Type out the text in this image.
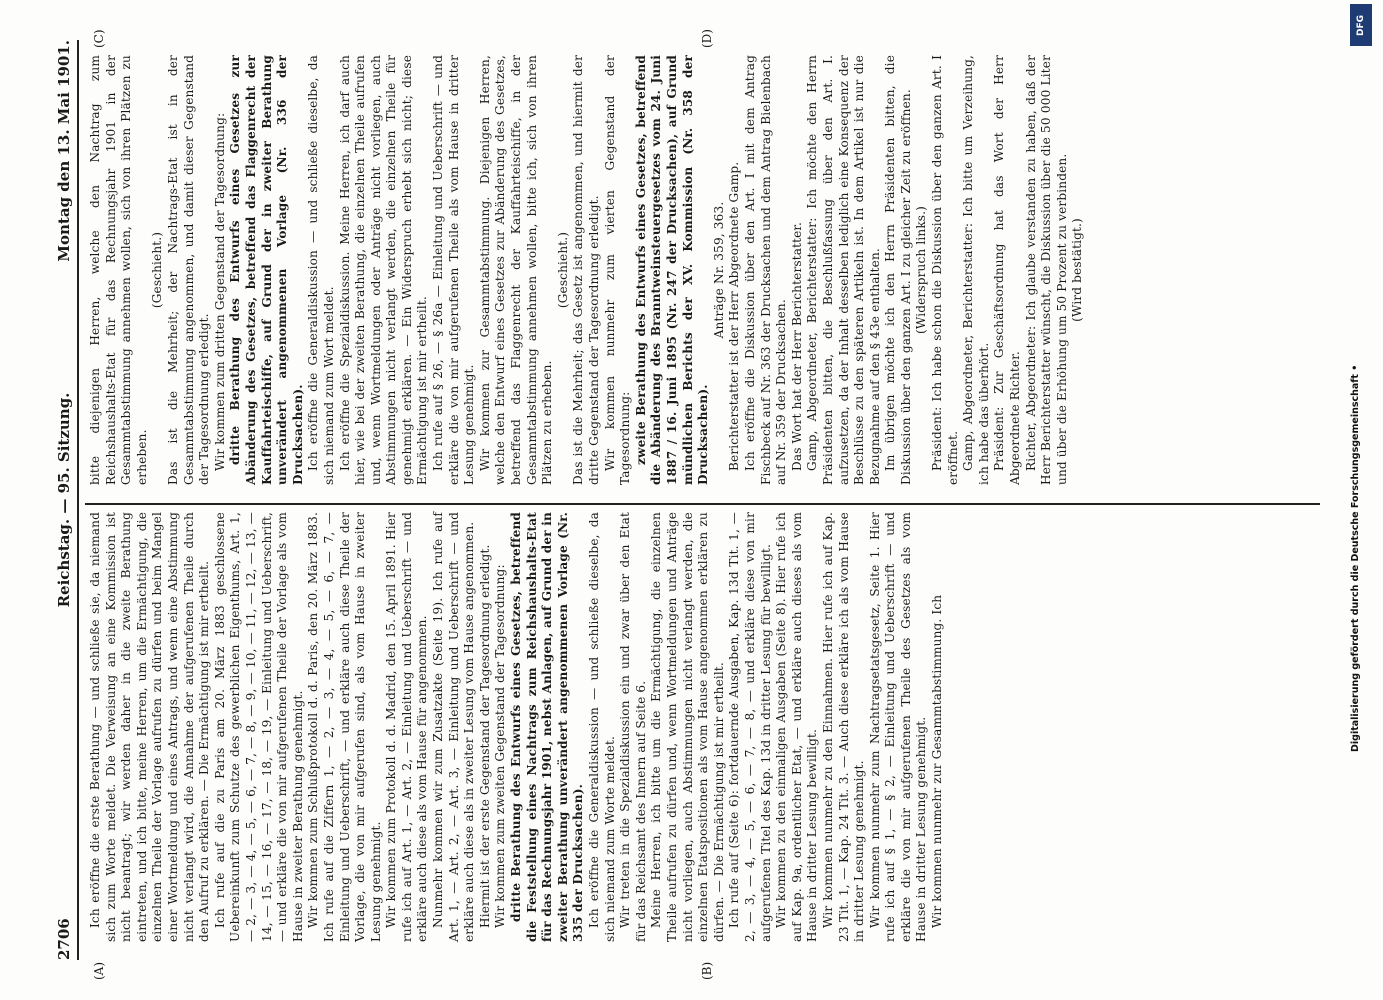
2706
Reichstag. — 95. Sitzung.
Montag den 13. Mai 1901.
(A)	(B)
(C)	(D)

Ich eröffne die erste Berathung — und schließe sie, da niemand sich zum Worte meldet. Die Verweisung an eine Kommission ist nicht beantragt; wir werden daher in die zweite Berathung eintreten, und ich bitte, meine Herren, um die Ermächtigung, die einzelnen Theile der Vorlage aufrufen zu dürfen und beim Mangel einer Wortmeldung und eines Antrags, und wenn eine Abstimmung nicht verlangt wird, die Annahme der aufgerufenen Theile durch den Aufruf zu erklären. — Die Ermächtigung ist mir ertheilt. Ich rufe auf die zu Paris am 20. März 1883 geschlossene Uebereinkunft zum Schutze des gewerblichen Eigenthums, Art. 1, — 2, — 3, — 4, — 5, — 6, — 7, — 8, — 9, — 10, — 11, — 12, — 13, — 14, — 15, — 16, — 17, — 18, — 19, — Einleitung und Ueberschrift, — und erkläre die von mir aufgerufenen Theile der Vorlage als vom Hause in zweiter Berathung genehmigt. Wir kommen zum Schlußprotokoll d. d. Paris, den 20. März 1883. Ich rufe auf die Ziffern 1, — 2, — 3, — 4, — 5, — 6, — 7, — Einleitung und Ueberschrift, — und erkläre auch diese Theile der Vorlage, die von mir aufgerufen sind, als vom Hause in zweiter Lesung genehmigt. Wir kommen zum Protokoll d. d. Madrid, den 15. April 1891. Hier rufe ich auf Art. 1, — Art. 2, — Einleitung und Ueberschrift — und erkläre auch diese als vom Hause für angenommen. Nunmehr kommen wir zum Zusatzakte (Seite 19). Ich rufe auf Art. 1, — Art. 2, — Art. 3, — Einleitung und Ueberschrift — und erkläre auch diese als in zweiter Lesung vom Hause angenommen. Hiermit ist der erste Gegenstand der Tagesordnung erledigt. Wir kommen zum zweiten Gegenstand der Tagesordnung: dritte Berathung des Entwurfs eines Gesetzes, betreffend die Feststellung eines Nachtrags zum Reichshaushalts-Etat für das Rechnungsjahr 1901, nebst Anlagen, auf Grund der in zweiter Berathung unverändert angenommenen Vorlage (Nr. 335 der Drucksachen). Ich eröffne die Generaldiskussion — und schließe dieselbe, da sich niemand zum Worte meldet. Wir treten in die Spezialdiskussion ein und zwar über den Etat für das Reichsamt des Innern auf Seite 6. Meine Herren, ich bitte um die Ermächtigung, die einzelnen Theile aufrufen zu dürfen und, wenn Wortmeldungen und Anträge nicht vorliegen, auch Abstimmungen nicht verlangt werden, die einzelnen Etatspositionen als vom Hause angenommen erklären zu dürfen. — Die Ermächtigung ist mir ertheilt. Ich rufe auf (Seite 6): fortdauernde Ausgaben, Kap. 13d Tit. 1, — 2, — 3, — 4, — 5, — 6, — 7, — 8, — und erkläre diese von mir aufgerufenen Titel des Kap. 13d in dritter Lesung für bewilligt. Wir kommen zu den einmaligen Ausgaben (Seite 8). Hier rufe ich auf Kap. 9a, ordentlicher Etat, — und erkläre auch dieses als vom Hause in dritter Lesung bewilligt. Wir kommen nunmehr zu den Einnahmen. Hier rufe ich auf Kap. 23 Tit. 1, — Kap. 24 Tit. 3. — Auch diese erkläre ich als vom Hause in dritter Lesung genehmigt. Wir kommen nunmehr zum Nachtragsetatsgesetz, Seite 1. Hier rufe ich auf § 1, — § 2, — Einleitung und Ueberschrift — und erkläre die von mir aufgerufenen Theile des Gesetzes als vom Hause in dritter Lesung genehmigt. Wir kommen nunmehr zur Gesammtabstimmung. Ich

bitte diejenigen Herren, welche den Nachtrag zum Reichshaushalts-Etat für das Rechnungsjahr 1901 in der Gesammtabstimmung annehmen wollen, sich von ihren Plätzen zu erheben.

(Geschieht.) Das ist die Mehrheit; der Nachtrags-Etat ist in der Gesammtabstimmung angenommen, und damit dieser Gegenstand der Tagesordnung erledigt. Wir kommen zum dritten Gegenstand der Tagesordnung: dritte Berathung des Entwurfs eines Gesetzes zur Abänderung des Gesetzes, betreffend das Flaggenrecht der Kauffahrteischiffe, auf Grund der in zweiter Berathung unverändert angenommenen Vorlage (Nr. 336 der Drucksachen). Ich eröffne die Generaldiskussion — und schließe dieselbe, da sich niemand zum Wort meldet. Ich eröffne die Spezialdiskussion. Meine Herren, ich darf auch hier, wie bei der zweiten Berathung, die einzelnen Theile aufrufen und, wenn Wortmeldungen oder Anträge nicht vorliegen, auch Abstimmungen nicht verlangt werden, die einzelnen Theile für genehmigt erklären. — Ein Widerspruch erhebt sich nicht; diese Ermächtigung ist mir ertheilt. Ich rufe auf § 26, — § 26a — Einleitung und Ueberschrift — und erkläre die von mir aufgerufenen Theile als vom Hause in dritter Lesung genehmigt. Wir kommen zur Gesammtabstimmung. Diejenigen Herren, welche den Entwurf eines Gesetzes zur Abänderung des Gesetzes, betreffend das Flaggenrecht der Kauffahrteischiffe, in der Gesammtabstimmung annehmen wollen, bitte ich, sich von ihren Plätzen zu erheben.

(Geschieht.) Das ist die Mehrheit; das Gesetz ist angenommen, und hiermit der dritte Gegenstand der Tagesordnung erledigt. Wir kommen nunmehr zum vierten Gegenstand der Tagesordnung: zweite Berathung des Entwurfs eines Gesetzes, betreffend die Abänderung des Branntweinsteuergesetzes vom 24. Juni 1887 / 16. Juni 1895 (Nr. 247 der Drucksachen), auf Grund mündlichen Berichts der XV. Kommission (Nr. 358 der Drucksachen).

Anträge Nr. 359, 363. Berichterstatter ist der Herr Abgeordnete Gamp. Ich eröffne die Diskussion über den Art. I mit dem Antrag Fischbeck auf Nr. 363 der Drucksachen und dem Antrag Bielenbach auf Nr. 359 der Drucksachen. Das Wort hat der Herr Berichterstatter. Gamp, Abgeordneter, Berichterstatter: Ich möchte den Herrn Präsidenten bitten, die Beschlußfassung über den Art. I. aufzusetzen, da der Inhalt desselben lediglich eine Konsequenz der Beschlüsse zu den späteren Artikeln ist. In dem Artikel ist nur die Bezugnahme auf den § 43e enthalten. Im übrigen möchte ich den Herrn Präsidenten bitten, die Diskussion über den ganzen Art. I zu gleicher Zeit zu eröffnen. (Widerspruch links.) Präsident: Ich habe schon die Diskussion über den ganzen Art. I eröffnet. Gamp, Abgeordneter, Berichterstatter: Ich bitte um Verzeihung, ich habe das überhört. Präsident: Zur Geschäftsordnung hat das Wort der Herr Abgeordnete Richter. Richter, Abgeordneter: Ich glaube verstanden zu haben, daß der Herr Berichterstatter wünscht, die Diskussion über die 50 000 Liter und über die Erhöhung um 50 Prozent zu verbinden. (Wird bestätigt.)

DFG
Digitalisierung gefördert durch die Deutsche Forschungsgemeinschaft •
